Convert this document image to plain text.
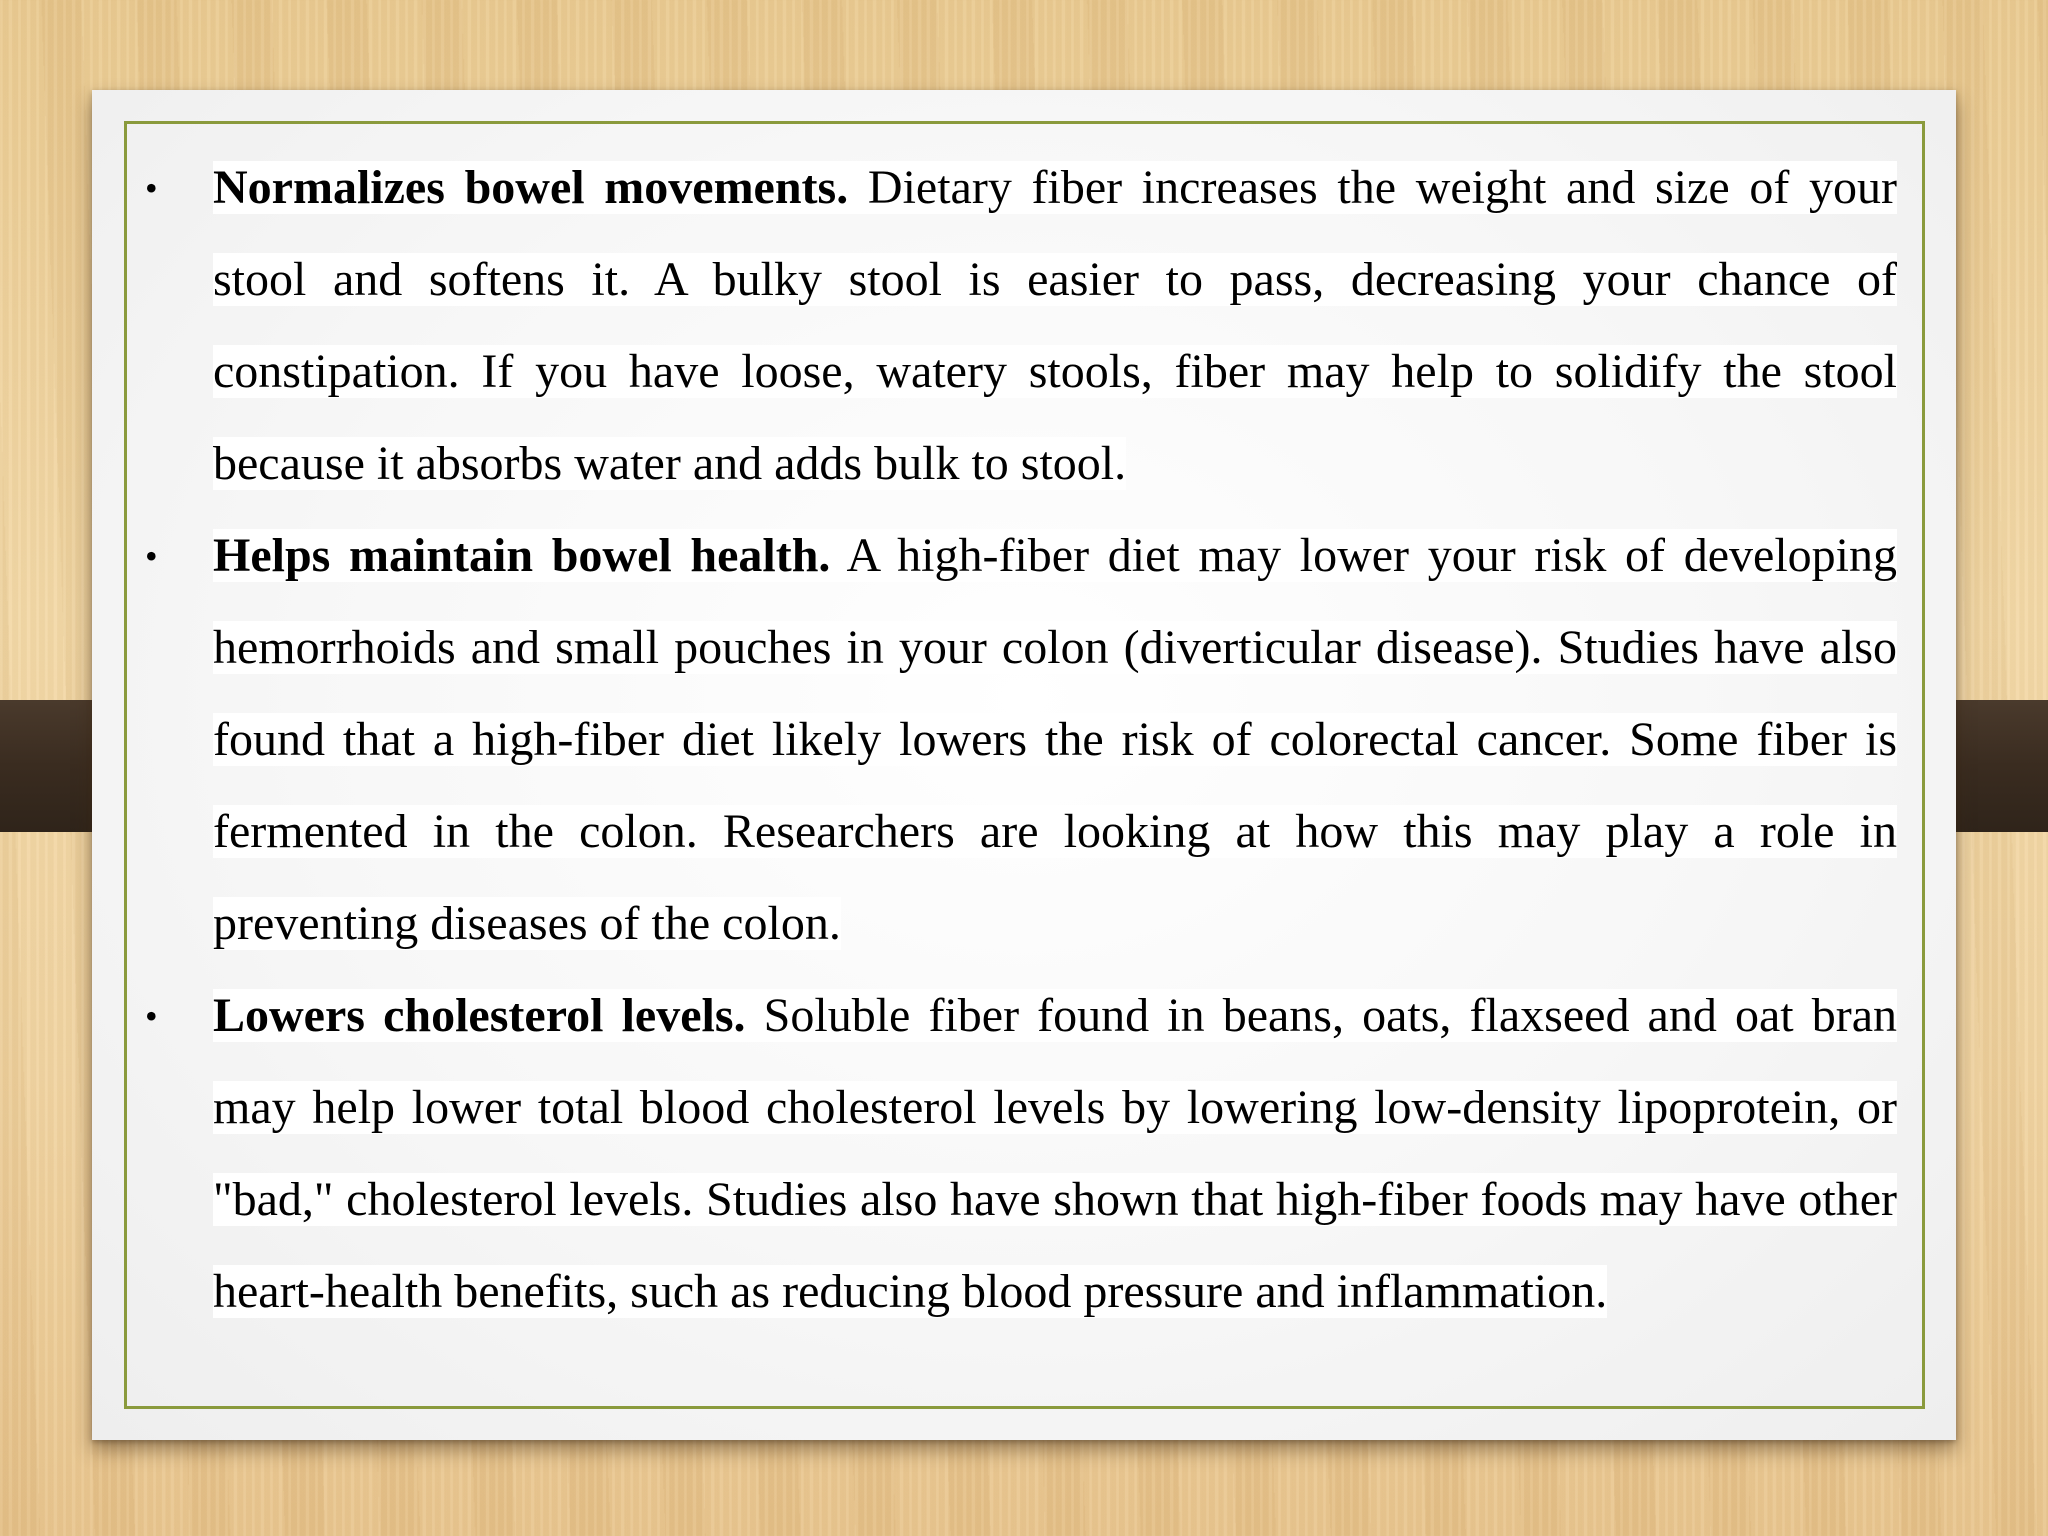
•	Normalizes bowel movements. Dietary fiber increases the weight and size of your stool and softens it. A bulky stool is easier to pass, decreasing your chance of constipation. If you have loose, watery stools, fiber may help to solidify the stool because it absorbs water and adds bulk to stool.
•	Helps maintain bowel health. A high-fiber diet may lower your risk of developing hemorrhoids and small pouches in your colon (diverticular disease). Studies have also found that a high-fiber diet likely lowers the risk of colorectal cancer. Some fiber is fermented in the colon. Researchers are looking at how this may play a role in preventing diseases of the colon.
•	Lowers cholesterol levels. Soluble fiber found in beans, oats, flaxseed and oat bran may help lower total blood cholesterol levels by lowering low-density lipoprotein, or "bad," cholesterol levels. Studies also have shown that high-fiber foods may have other heart-health benefits, such as reducing blood pressure and inflammation.
